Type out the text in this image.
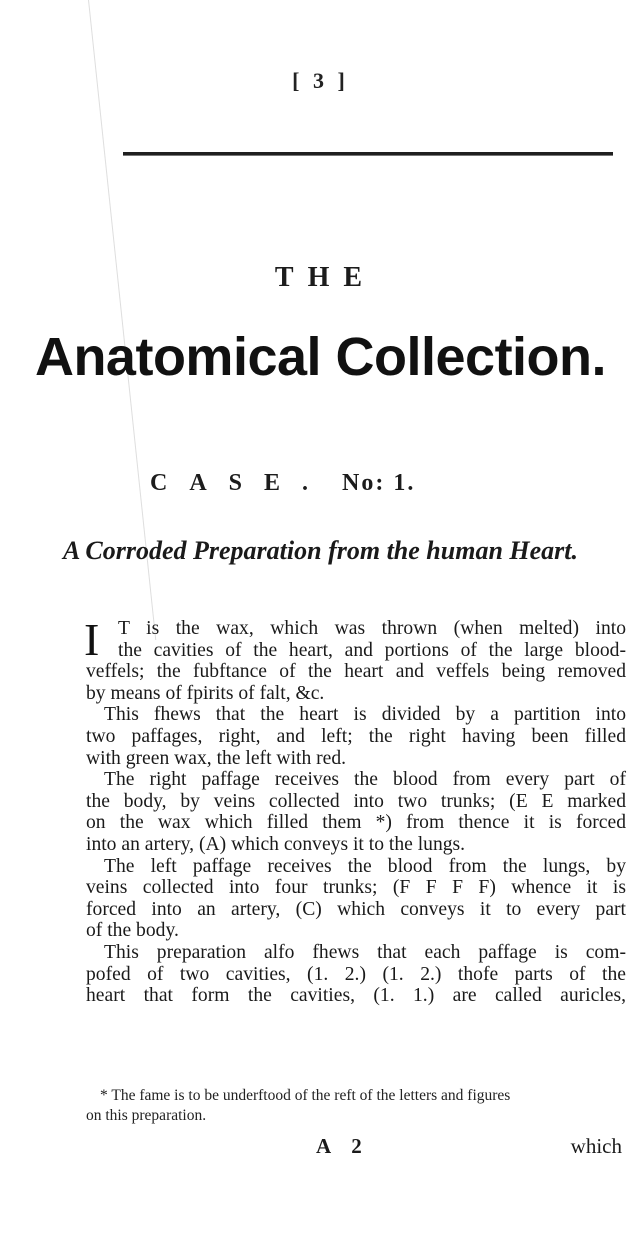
[ 3 ]
THE
Anatomical Collection.
CASE. No: 1.
A Corroded Preparation from the human Heart.
I T is the wax, which was thrown (when melted) into
the cavities of the heart, and portions of the large blood-
veffels; the fubftance of the heart and veffels being removed
by means of fpirits of falt, &c.
This fhews that the heart is divided by a partition into
two paffages, right, and left; the right having been filled
with green wax, the left with red.
The right paffage receives the blood from every part of
the body, by veins collected into two trunks; (E E marked
on the wax which filled them *) from thence it is forced
into an artery, (A) which conveys it to the lungs.
The left paffage receives the blood from the lungs, by
veins collected into four trunks; (F F F F) whence it is
forced into an artery, (C) which conveys it to every part
of the body.
This preparation alfo fhews that each paffage is com-
pofed of two cavities, (1. 2.) (1. 2.) thofe parts of the
heart that form the cavities, (1. 1.) are called auricles,
* The fame is to be underftood of the reft of the letters and figures
on this preparation.
A 2	which
